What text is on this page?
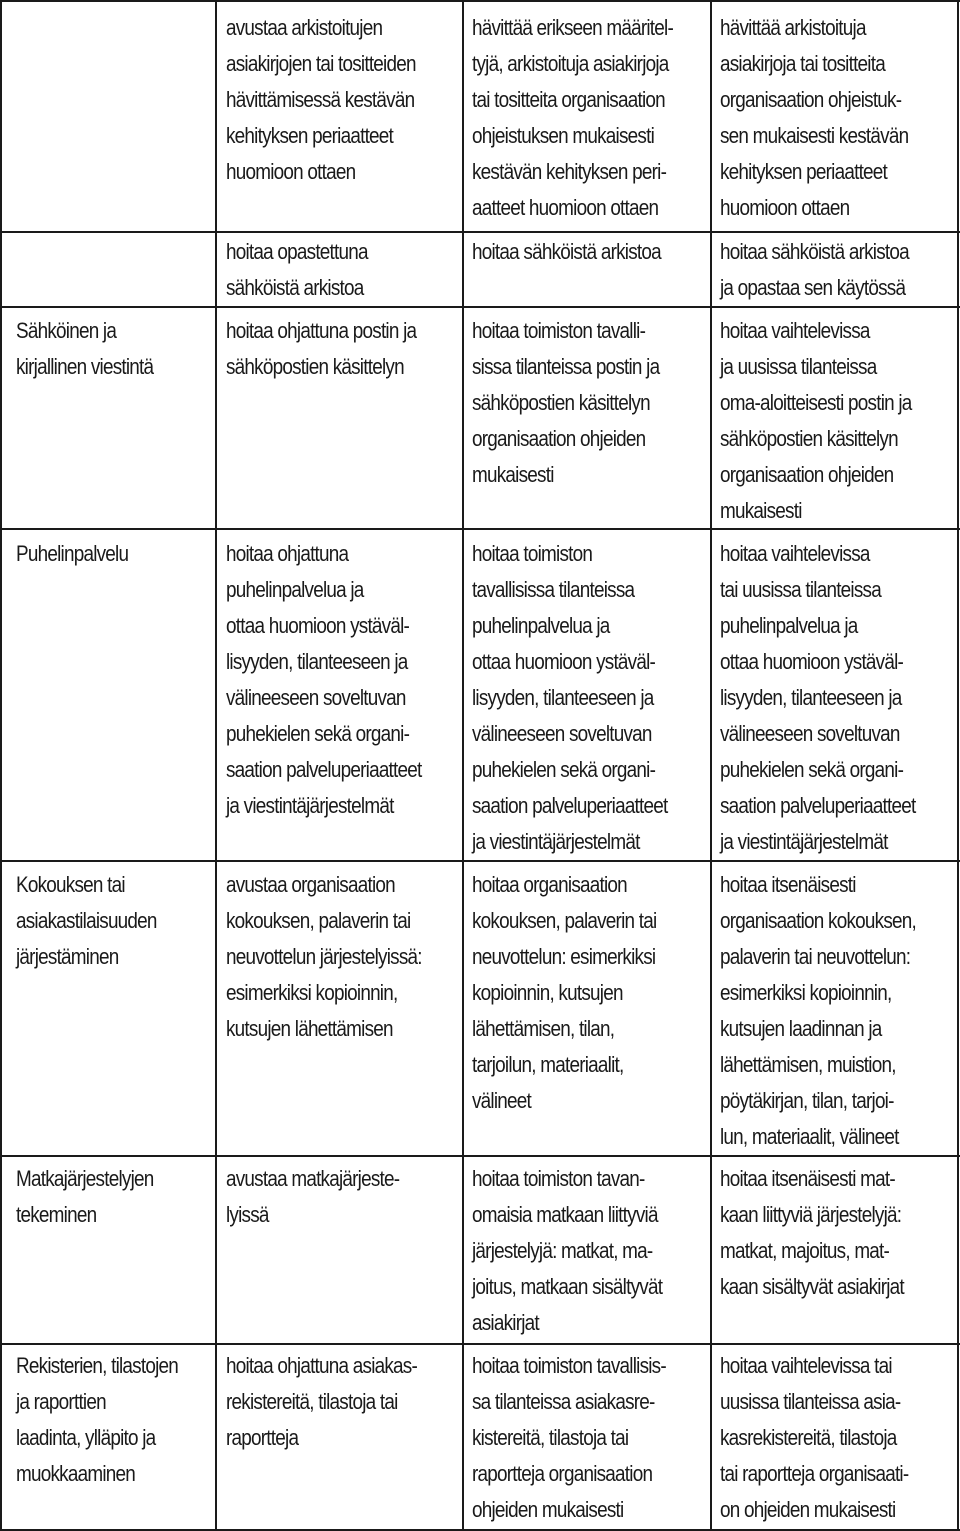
avustaa arkistoitujen
asiakirjojen tai tositteiden
hävittämisessä kestävän
kehityksen periaatteet
huomioon ottaen
hävittää erikseen määritel-
tyjä, arkistoituja asiakirjoja
tai tositteita organisaation
ohjeistuksen mukaisesti
kestävän kehityksen peri-
aatteet huomioon ottaen
hävittää arkistoituja
asiakirjoja tai tositteita
organisaation ohjeistuk-
sen mukaisesti kestävän
kehityksen periaatteet
huomioon ottaen
hoitaa opastettuna
sähköistä arkistoa
hoitaa sähköistä arkistoa	hoitaa sähköistä arkistoa
ja opastaa sen käytössä
Sähköinen ja
kirjallinen viestintä
hoitaa ohjattuna postin ja
sähköpostien käsittelyn
hoitaa toimiston tavalli-
sissa tilanteissa postin ja
sähköpostien käsittelyn
organisaation ohjeiden
mukaisesti
hoitaa vaihtelevissa
ja uusissa tilanteissa
oma-aloitteisesti postin ja
sähköpostien käsittelyn
organisaation ohjeiden
mukaisesti
Puhelinpalvelu	hoitaa ohjattuna
puhelinpalvelua ja
ottaa huomioon ystäväl-
lisyyden, tilanteeseen ja
välineeseen soveltuvan
puhekielen sekä organi-
saation palveluperiaatteet
ja viestintäjärjestelmät
hoitaa toimiston
tavallisissa tilanteissa
puhelinpalvelua ja
ottaa huomioon ystäväl-
lisyyden, tilanteeseen ja
välineeseen soveltuvan
puhekielen sekä organi-
saation palveluperiaatteet
ja viestintäjärjestelmät
hoitaa vaihtelevissa
tai uusissa tilanteissa
puhelinpalvelua ja
ottaa huomioon ystäväl-
lisyyden, tilanteeseen ja
välineeseen soveltuvan
puhekielen sekä organi-
saation palveluperiaatteet
ja viestintäjärjestelmät
Kokouksen tai
asiakastilaisuuden
järjestäminen
avustaa organisaation
kokouksen, palaverin tai
neuvottelun järjestelyissä:
esimerkiksi kopioinnin,
kutsujen lähettämisen
hoitaa organisaation
kokouksen, palaverin tai
neuvottelun: esimerkiksi
kopioinnin, kutsujen
lähettämisen, tilan,
tarjoilun, materiaalit,
välineet
hoitaa itsenäisesti
organisaation kokouksen,
palaverin tai neuvottelun:
esimerkiksi kopioinnin,
kutsujen laadinnan ja
lähettämisen, muistion,
pöytäkirjan, tilan, tarjoi-
lun, materiaalit, välineet
Matkajärjestelyjen
tekeminen
avustaa matkajärjeste-
lyissä
hoitaa toimiston tavan-
omaisia matkaan liittyviä
järjestelyjä: matkat, ma-
joitus, matkaan sisältyvät
asiakirjat
hoitaa itsenäisesti mat-
kaan liittyviä järjestelyjä:
matkat, majoitus, mat-
kaan sisältyvät asiakirjat
Rekisterien, tilastojen
ja raporttien
laadinta, ylläpito ja
muokkaaminen
hoitaa ohjattuna asiakas-
rekistereitä, tilastoja tai
raportteja
hoitaa toimiston tavallisis-
sa tilanteissa asiakasre-
kistereitä, tilastoja tai
raportteja organisaation
ohjeiden mukaisesti
hoitaa vaihtelevissa tai
uusissa tilanteissa asia-
kasrekistereitä, tilastoja
tai raportteja organisaati-
on ohjeiden mukaisesti
